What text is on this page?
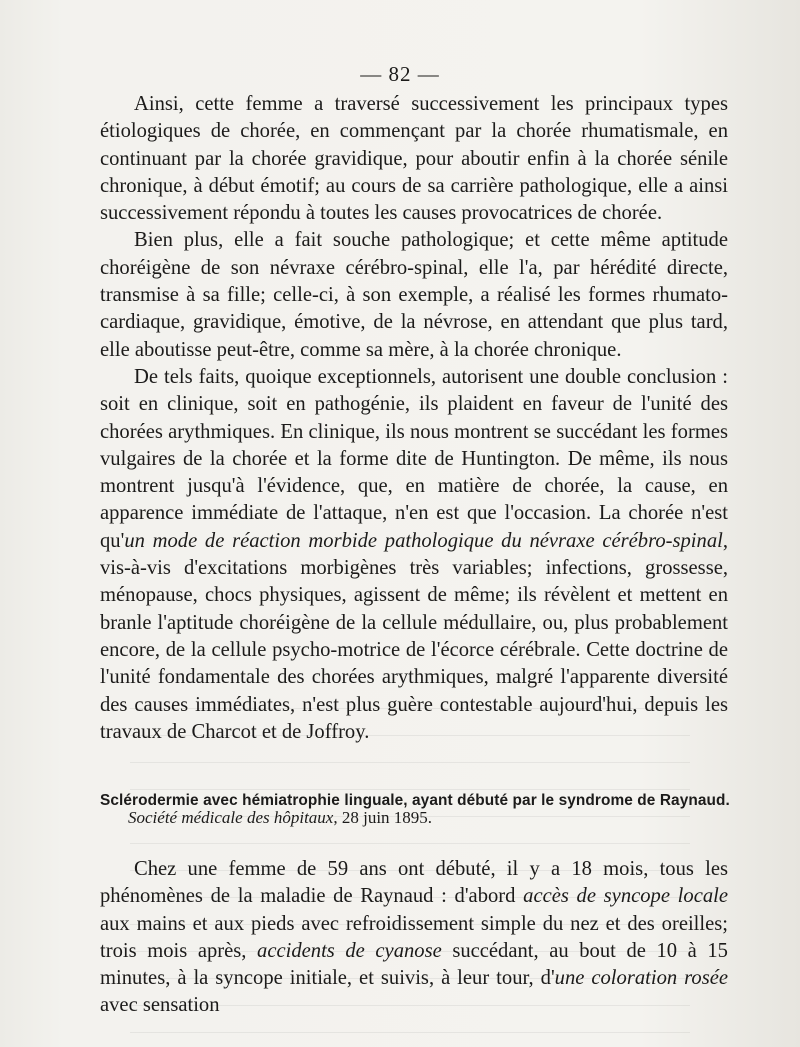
— 82 —

Ainsi, cette femme a traversé successivement les principaux types étiologiques de chorée, en commençant par la chorée rhumatismale, en continuant par la chorée gravidique, pour aboutir enfin à la chorée sénile chronique, à début émotif; au cours de sa carrière pathologique, elle a ainsi successivement répondu à toutes les causes provocatrices de chorée.

Bien plus, elle a fait souche pathologique; et cette même aptitude choréigène de son névraxe cérébro-spinal, elle l'a, par hérédité directe, transmise à sa fille; celle-ci, à son exemple, a réalisé les formes rhumato-cardiaque, gravidique, émotive, de la névrose, en attendant que plus tard, elle aboutisse peut-être, comme sa mère, à la chorée chronique.

De tels faits, quoique exceptionnels, autorisent une double conclusion : soit en clinique, soit en pathogénie, ils plaident en faveur de l'unité des chorées arythmiques. En clinique, ils nous montrent se succédant les formes vulgaires de la chorée et la forme dite de Huntington. De même, ils nous montrent jusqu'à l'évidence, que, en matière de chorée, la cause, en apparence immédiate de l'attaque, n'en est que l'occasion. La chorée n'est qu'un mode de réaction morbide pathologique du névraxe cérébro-spinal, vis-à-vis d'excitations morbigènes très variables; infections, grossesse, ménopause, chocs physiques, agissent de même; ils révèlent et mettent en branle l'aptitude choréigène de la cellule médullaire, ou, plus probablement encore, de la cellule psycho-motrice de l'écorce cérébrale. Cette doctrine de l'unité fondamentale des chorées arythmiques, malgré l'apparente diversité des causes immédiates, n'est plus guère contestable aujourd'hui, depuis les travaux de Charcot et de Joffroy.

Sclérodermie avec hémiatrophie linguale, ayant débuté par le syndrome de Raynaud.
Société médicale des hôpitaux, 28 juin 1895.

Chez une femme de 59 ans ont débuté, il y a 18 mois, tous les phénomènes de la maladie de Raynaud : d'abord accès de syncope locale aux mains et aux pieds avec refroidissement simple du nez et des oreilles; trois mois après, accidents de cyanose succédant, au bout de 10 à 15 minutes, à la syncope initiale, et suivis, à leur tour, d'une coloration rosée avec sensation
